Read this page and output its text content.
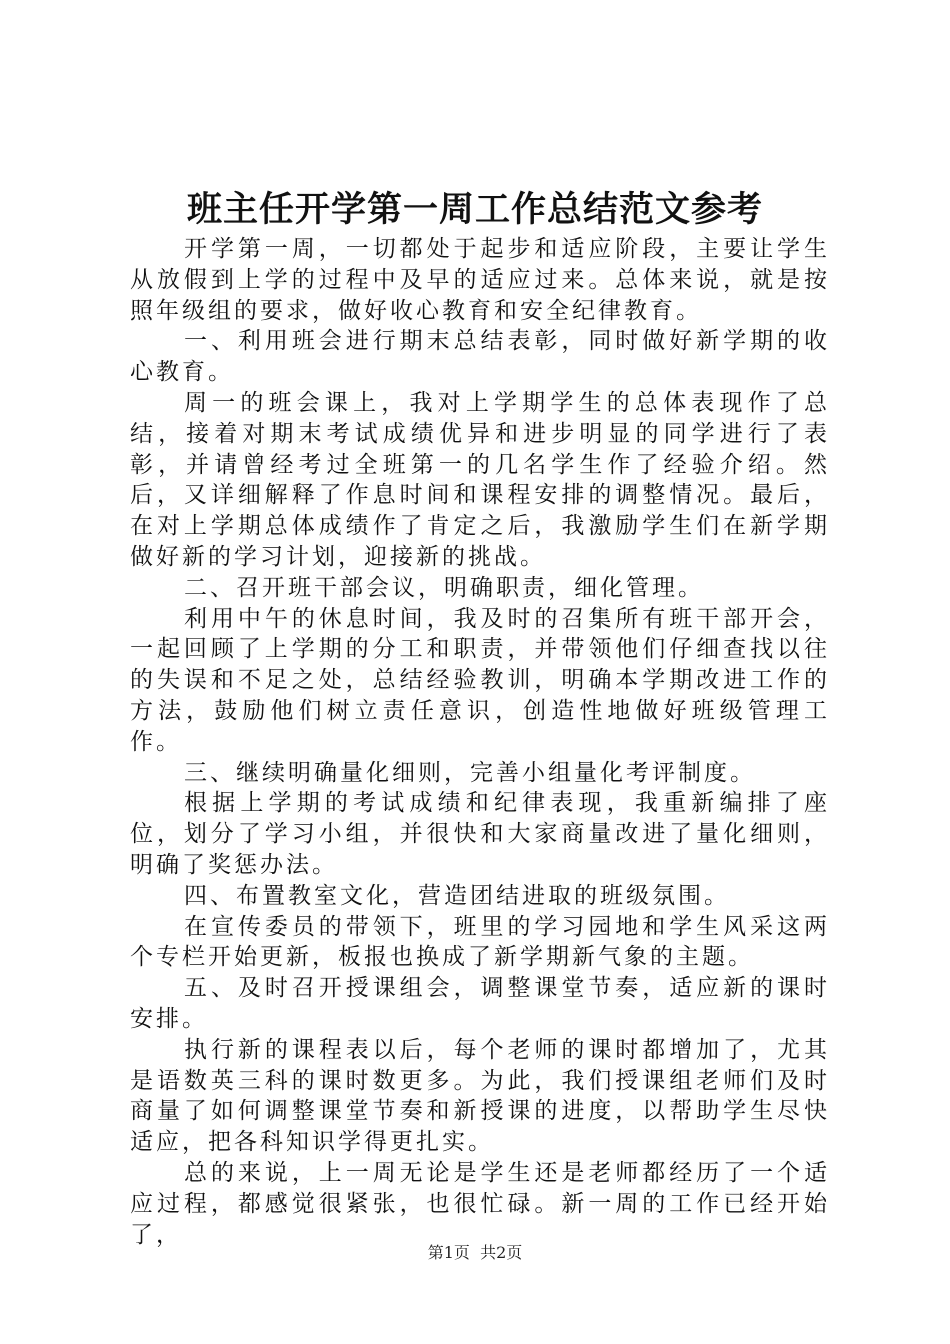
班主任开学第一周工作总结范文参考

开学第一周，一切都处于起步和适应阶段，主要让学生从放假到上学的过程中及早的适应过来。总体来说，就是按照年级组的要求，做好收心教育和安全纪律教育。

一、利用班会进行期末总结表彰，同时做好新学期的收心教育。

周一的班会课上，我对上学期学生的总体表现作了总结，接着对期末考试成绩优异和进步明显的同学进行了表彰，并请曾经考过全班第一的几名学生作了经验介绍。然后，又详细解释了作息时间和课程安排的调整情况。最后，在对上学期总体成绩作了肯定之后，我激励学生们在新学期做好新的学习计划，迎接新的挑战。

二、召开班干部会议，明确职责，细化管理。

利用中午的休息时间，我及时的召集所有班干部开会，一起回顾了上学期的分工和职责，并带领他们仔细查找以往的失误和不足之处，总结经验教训，明确本学期改进工作的方法，鼓励他们树立责任意识，创造性地做好班级管理工作。

三、继续明确量化细则，完善小组量化考评制度。

根据上学期的考试成绩和纪律表现，我重新编排了座位，划分了学习小组，并很快和大家商量改进了量化细则，明确了奖惩办法。

四、布置教室文化，营造团结进取的班级氛围。

在宣传委员的带领下，班里的学习园地和学生风采这两个专栏开始更新，板报也换成了新学期新气象的主题。

五、及时召开授课组会，调整课堂节奏，适应新的课时安排。

执行新的课程表以后，每个老师的课时都增加了，尤其是语数英三科的课时数更多。为此，我们授课组老师们及时商量了如何调整课堂节奏和新授课的进度，以帮助学生尽快适应，把各科知识学得更扎实。

总的来说，上一周无论是学生还是老师都经历了一个适应过程，都感觉很紧张，也很忙碌。新一周的工作已经开始了，

第1页  共2页
